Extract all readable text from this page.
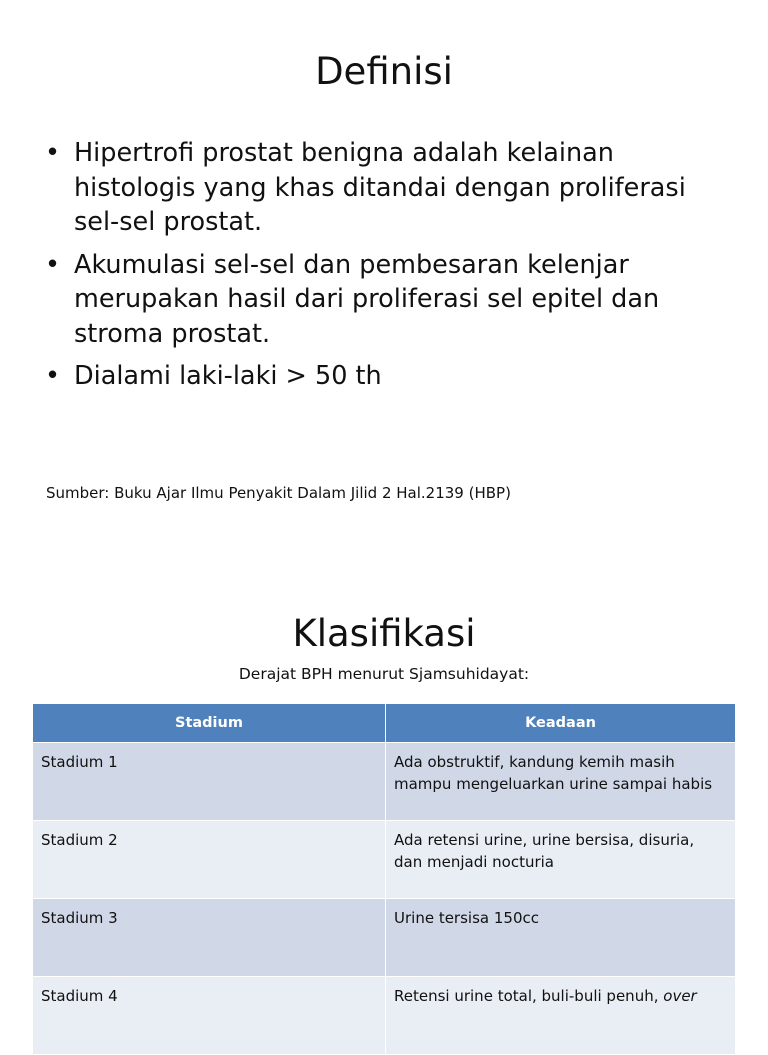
Definisi
• Hipertrofi prostat benigna adalah kelainan histologis yang khas ditandai dengan proliferasi sel-sel prostat.
• Akumulasi sel-sel dan pembesaran kelenjar merupakan hasil dari proliferasi sel epitel dan stroma prostat.
• Dialami laki-laki > 50 th
Sumber: Buku Ajar Ilmu Penyakit Dalam Jilid 2 Hal.2139 (HBP)
Klasifikasi
Derajat BPH menurut Sjamsuhidayat:
Stadium	Keadaan
Stadium 1	Ada obstruktif, kandung kemih masih mampu mengeluarkan urine sampai habis
Stadium 2	Ada retensi urine, urine bersisa, disuria, dan menjadi nocturia
Stadium 3	Urine tersisa 150cc
Stadium 4	Retensi urine total, buli-buli penuh, over
